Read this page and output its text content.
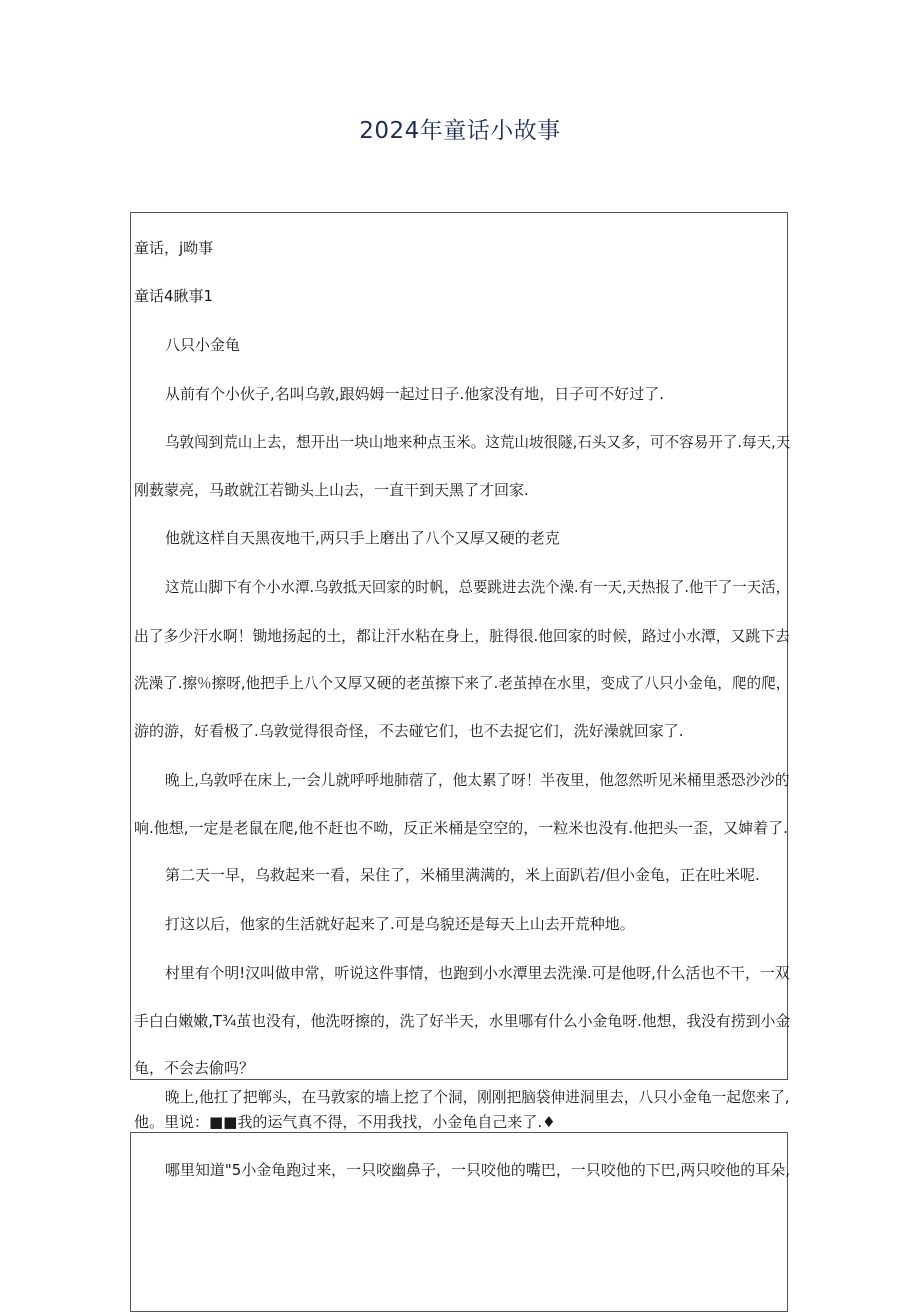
2024年童话小故事
童话，j呦事
童话4瞅事1
八只小金龟
从前有个小伙子,名叫乌敦,跟妈姆一起过日子.他家没有地，日子可不好过了.
乌敦闯到荒山上去，想开出一块山地来种点玉米。这荒山坡很隧,石头又多，可不容易开了.每天,天
刚薮蒙亮，马敢就江若锄头上山去，一直干到天黑了才回家.
他就这样自天黑夜地干,两只手上磨出了八个又厚又硬的老克
这荒山脚下有个小水潭.乌敦抵天回家的时帆，总要跳进去洗个澡.有一天,天热报了.他干了一天活，
出了多少汗水啊！锄地扬起的土，都让汗水粘在身上，脏得很.他回家的时候，路过小水潭，又跳下去
洗澡了.擦％擦呀,他把手上八个又厚又硬的老茧擦下来了.老茧掉在水里，变成了八只小金龟，爬的爬，
游的游，好看极了.乌敦觉得很奇怪，不去碰它们，也不去捉它们，洗好澡就回家了.
晚上,乌敦呼在床上,一会儿就呼呼地肺蓿了，他太累了呀！半夜里，他忽然听见米桶里悉恐沙沙的
响.他想,一定是老鼠在爬,他不赶也不呦，反正米桶是空空的，一粒米也没有.他把头一歪，又婶着了.
第二天一早，乌救起来一看，呆住了，米桶里满满的，米上面趴若/但小金龟，正在吐米呢.
打这以后，他家的生活就好起来了.可是乌貌还是每天上山去开荒种地。
村里有个明!汉叫做申常，听说这件事情，也跑到小水潭里去洗澡.可是他呀,什么活也不干，一双
手白白嫩嫩,T¾茧也没有，他洗呀擦的，洗了好半天，水里哪有什么小金龟呀.他想，我没有捞到小金
龟，不会去偷吗？
晚上,他扛了把郸头，在马敦家的墙上挖了个洞，刚刚把脑袋伸进洞里去，八只小金龟一起您来了,
他。里说：■■我的运气真不得，不用我找，小金龟自己来了.♦
哪里知道"5小金龟跑过来，一只咬幽鼻子，一只咬他的嘴巴，一只咬他的下巴,两只咬他的耳朵,
